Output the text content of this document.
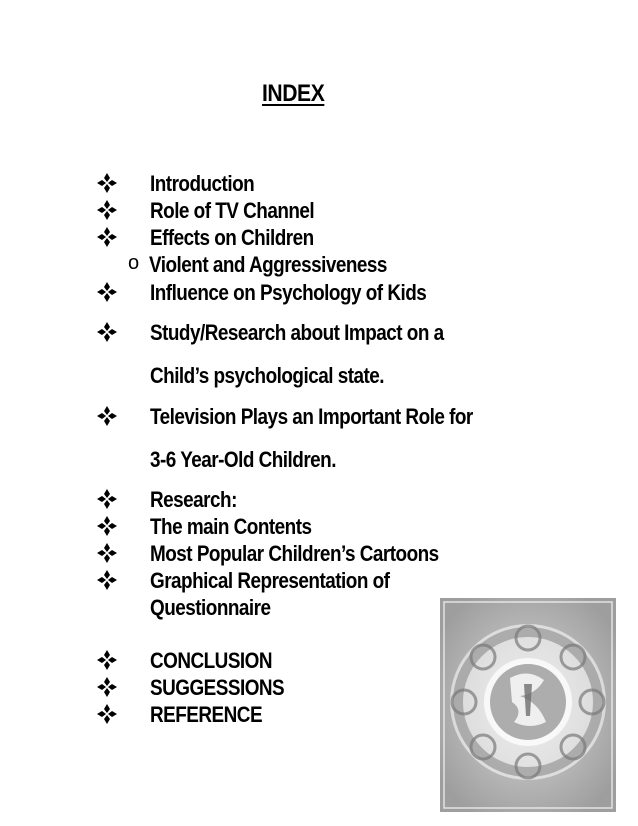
INDEX
Introduction
Role of TV Channel
Effects on Children
o Violent and Aggressiveness
Influence on Psychology of Kids
Study/Research about Impact on a
Child’s psychological state.
Television Plays an Important Role for
3-6 Year-Old Children.
Research:
The main Contents
Most Popular Children’s Cartoons
Graphical Representation of
Questionnaire
CONCLUSION
SUGGESSIONS
REFERENCE
